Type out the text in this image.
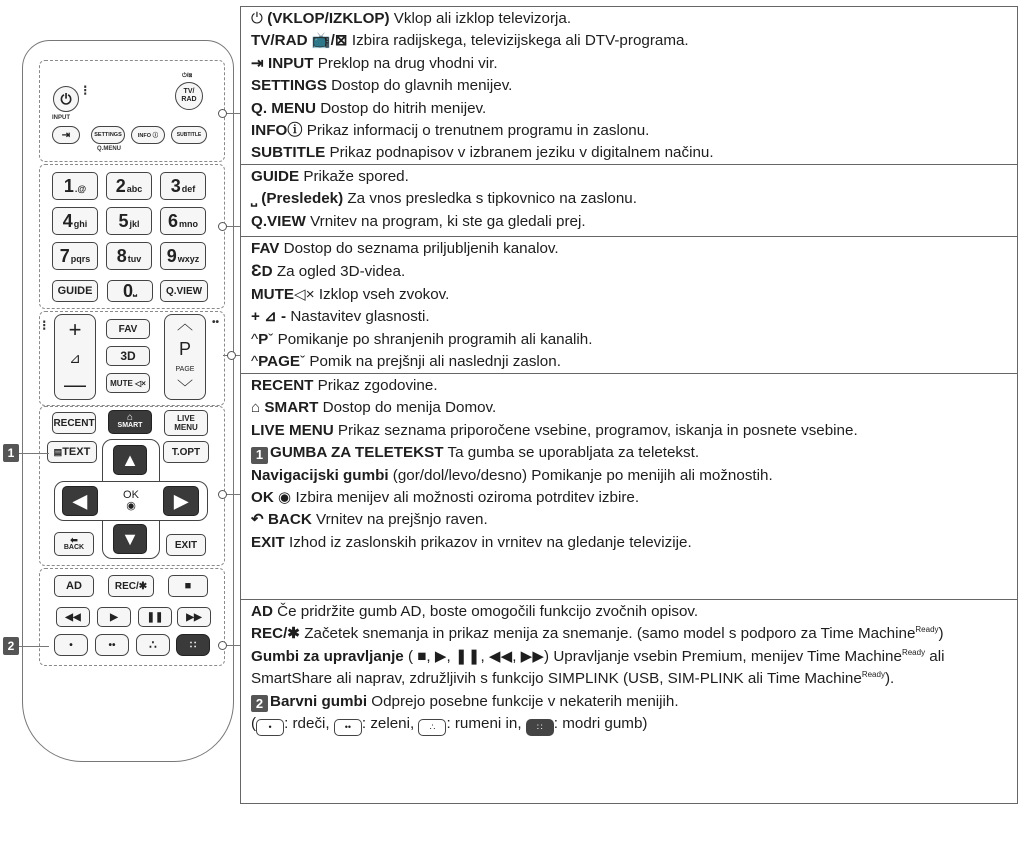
⏻
⁝
⏻/⊠
TV/
RAD
INPUT
⇥	SETTINGS	INFO ⓘ	SUBTITLE
Q.MENU
1 .@ 2 abc 3 def
4 ghi 5 jkl 6 mno
7 pqrs 8 tuv 9 wxyz
GUIDE	0 ⎵	Q.VIEW
⁝	••
+
⊿
—
FAV
3D
MUTE ◁×
︿
P
PAGE
﹀
RECENT	⌂
SMART
LIVE
MENU
▤ TEXT	T.OPT
OK
◉
▲
▼
◀	▶
⬅
BACK	EXIT
AD	REC/✱	■
◀◀	▶	❚❚	▶▶
•	••	∴	∷
1
2
⏻ (VKLOP/IZKLOP) Vklop ali izklop televizorja.
TV/RAD 📺/⊠ Izbira radijskega, televizijskega ali DTV-programa.
⇥ INPUT Preklop na drug vhodni vir.
SETTINGS Dostop do glavnih menijev.
Q. MENU Dostop do hitrih menijev.
INFOⓘ Prikaz informacij o trenutnem programu in zaslonu.
SUBTITLE Prikaz podnapisov v izbranem jeziku v digitalnem načinu.
GUIDE Prikaže spored.
⎵ (Presledek) Za vnos presledka s tipkovnico na zaslonu.
Q.VIEW Vrnitev na program, ki ste ga gledali prej.
FAV Dostop do seznama priljubljenih kanalov.
ƐD Za ogled 3D-videa.
MUTE◁× Izklop vseh zvokov.
+ ⊿ - Nastavitev glasnosti.
^Pˇ Pomikanje po shranjenih programih ali kanalih.
^PAGEˇ Pomik na prejšnji ali naslednji zaslon.
RECENT Prikaz zgodovine.
⌂ SMART Dostop do menija Domov.
LIVE MENU Prikaz seznama priporočene vsebine, programov, iskanja in posnete vsebine.
1 GUMBA ZA TELETEKST Ta gumba se uporabljata za teletekst.
Navigacijski gumbi (gor/dol/levo/desno) Pomikanje po menijih ali možnostih.
OK ◉ Izbira menijev ali možnosti oziroma potrditev izbire.
↶ BACK Vrnitev na prejšnjo raven.
EXIT Izhod iz zaslonskih prikazov in vrnitev na gledanje televizije.
AD Če pridržite gumb AD, boste omogočili funkcijo zvočnih opisov.
REC/✱ Začetek snemanja in prikaz menija za snemanje. (samo model s podporo za Time Machine$^{Ready}$)
Gumbi za upravljanje ( ■, ▶, ❚❚, ◀◀, ▶▶) Upravljanje vsebin Premium, menijev Time Machine$^{Ready}$ ali SmartShare ali naprav, združljivih s funkcijo SIMPLINK (USB, SIM-PLINK ali Time Machine$^{Ready}$).
2 Barvni gumbi Odprejo posebne funkcije v nekaterih menijih.
( • : rdeči, •• : zeleni, ∴ : rumeni in, ∷ : modri gumb)
